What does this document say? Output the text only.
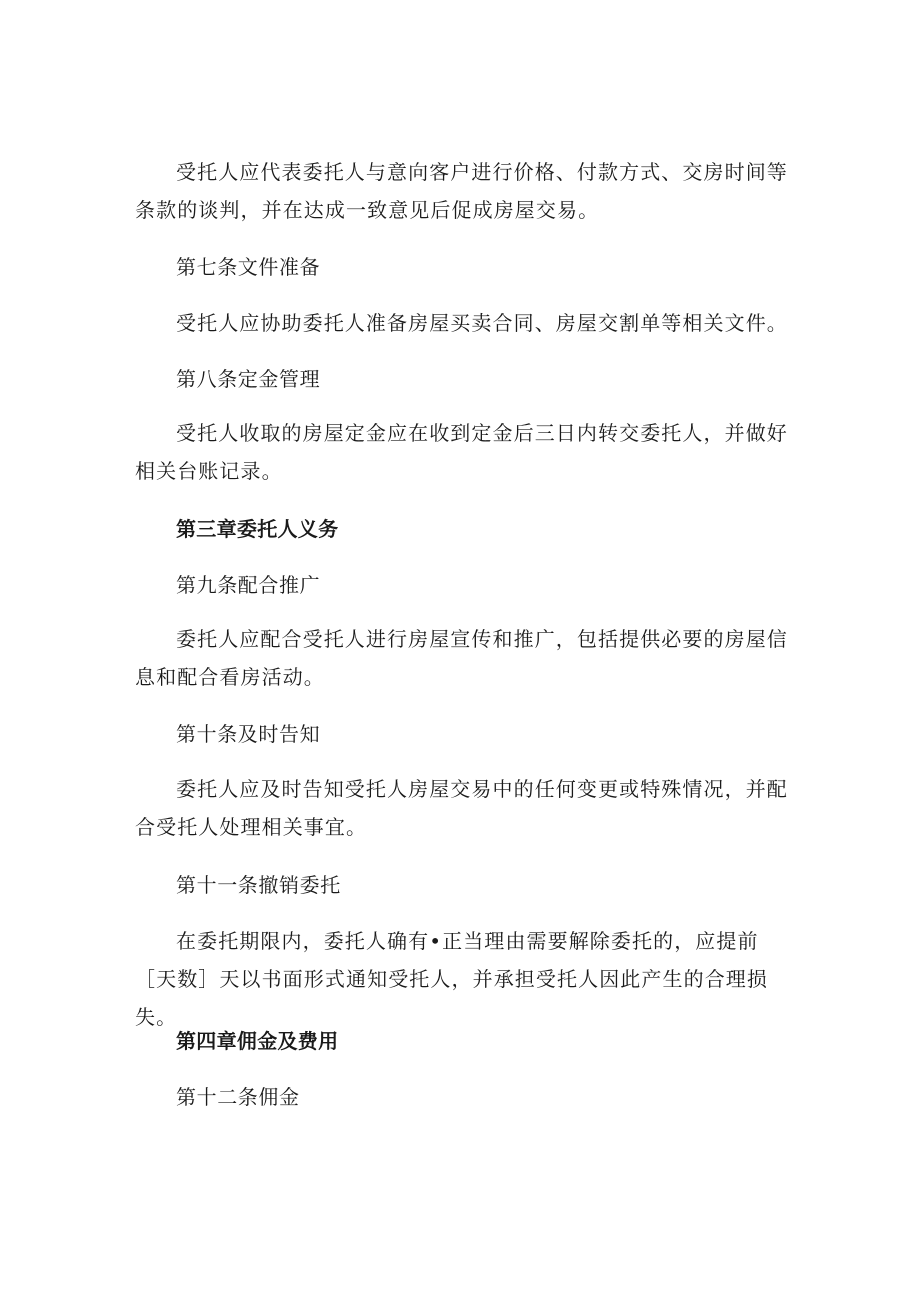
受托人应代表委托人与意向客户进行价格、付款方式、交房时间等条款的谈判，并在达成一致意见后促成房屋交易。

第七条文件准备

受托人应协助委托人准备房屋买卖合同、房屋交割单等相关文件。

第八条定金管理

受托人收取的房屋定金应在收到定金后三日内转交委托人，并做好相关台账记录。

第三章委托人义务

第九条配合推广

委托人应配合受托人进行房屋宣传和推广，包括提供必要的房屋信息和配合看房活动。

第十条及时告知

委托人应及时告知受托人房屋交易中的任何变更或特殊情况，并配合受托人处理相关事宜。

第十一条撤销委托

在委托期限内，委托人确有•正当理由需要解除委托的，应提前［天数］天以书面形式通知受托人，并承担受托人因此产生的合理损失。

第四章佣金及费用

第十二条佣金
